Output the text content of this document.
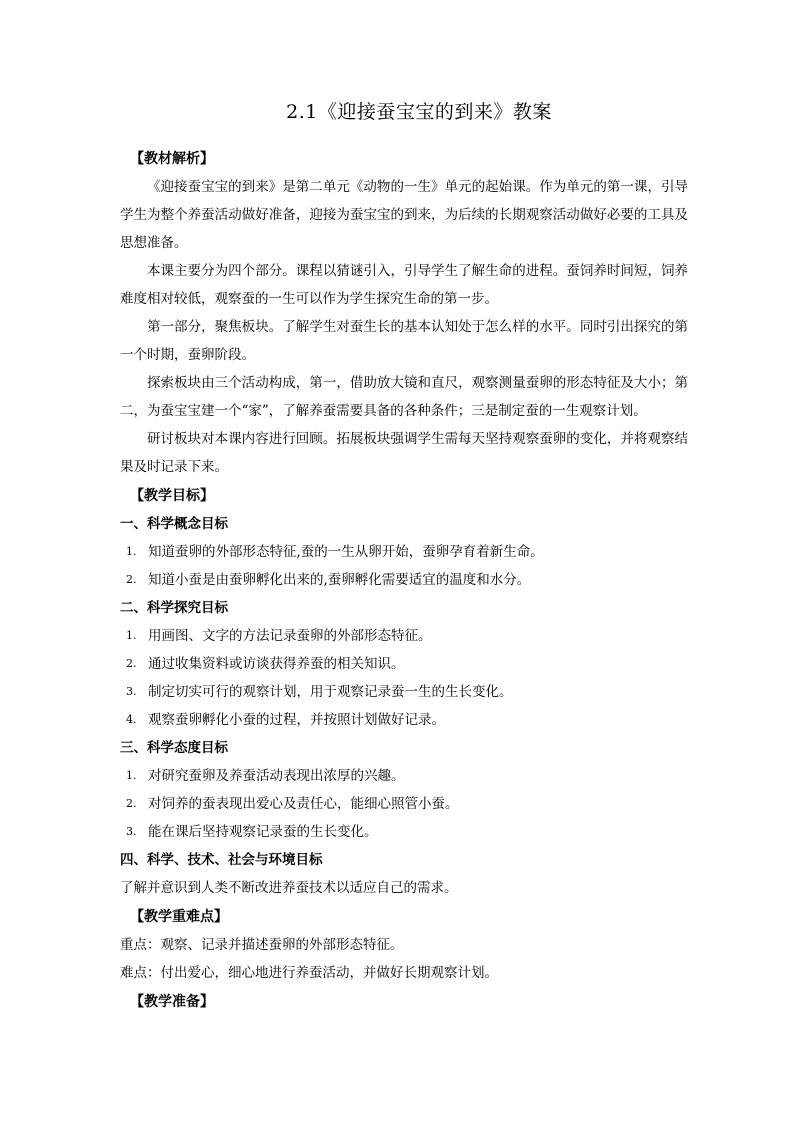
2.1《迎接蚕宝宝的到来》教案
【教材解析】

《迎接蚕宝宝的到来》是第二单元《动物的一生》单元的起始课。作为单元的第一课，引导学生为整个养蚕活动做好准备，迎接为蚕宝宝的到来，为后续的长期观察活动做好必要的工具及思想准备。

本课主要分为四个部分。课程以猜谜引入，引导学生了解生命的进程。蚕饲养时间短，饲养难度相对较低，观察蚕的一生可以作为学生探究生命的第一步。

第一部分，聚焦板块。了解学生对蚕生长的基本认知处于怎么样的水平。同时引出探究的第一个时期，蚕卵阶段。

探索板块由三个活动构成，第一，借助放大镜和直尺，观察测量蚕卵的形态特征及大小；第二，为蚕宝宝建一个“家”，了解养蚕需要具备的各种条件；三是制定蚕的一生观察计划。

研讨板块对本课内容进行回顾。拓展板块强调学生需每天坚持观察蚕卵的变化，并将观察结果及时记录下来。

【教学目标】
一、科学概念目标
1. 知道蚕卵的外部形态特征,蚕的一生从卵开始，蚕卵孕育着新生命。
2. 知道小蚕是由蚕卵孵化出来的,蚕卵孵化需要适宜的温度和水分。
二、科学探究目标
1. 用画图、文字的方法记录蚕卵的外部形态特征。
2. 通过收集资料或访谈获得养蚕的相关知识。
3. 制定切实可行的观察计划，用于观察记录蚕一生的生长变化。
4. 观察蚕卵孵化小蚕的过程，并按照计划做好记录。
三、科学态度目标
1. 对研究蚕卵及养蚕活动表现出浓厚的兴趣。
2. 对饲养的蚕表现出爱心及责任心，能细心照管小蚕。
3. 能在课后坚持观察记录蚕的生长变化。
四、科学、技术、社会与环境目标
了解并意识到人类不断改进养蚕技术以适应自己的需求。
【教学重难点】
重点：观察、记录并描述蚕卵的外部形态特征。
难点：付出爱心，细心地进行养蚕活动，并做好长期观察计划。
【教学准备】
